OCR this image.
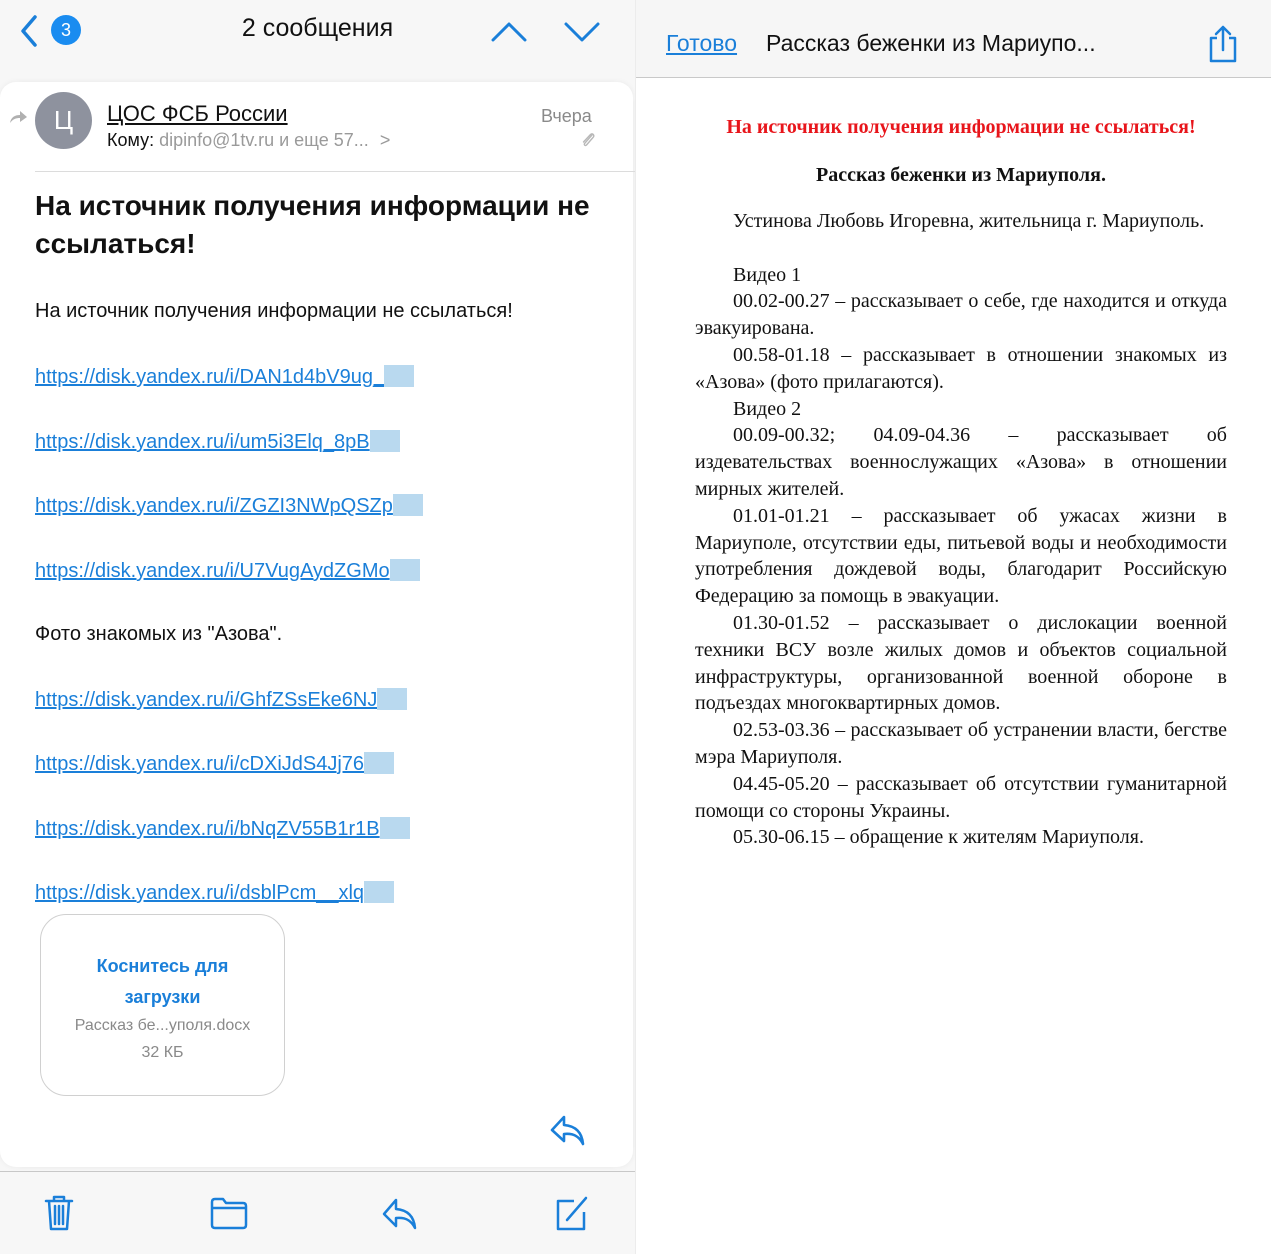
3	2 сообщения
Ц	ЦОС ФСБ России
Кому: dipinfo@1tv.ru и еще 57... >
Вчера
На источник получения информации не ссылаться!
На источник получения информации не ссылаться!
https://disk.yandex.ru/i/DAN1d4bV9ug_
https://disk.yandex.ru/i/um5i3Elq_8pB
https://disk.yandex.ru/i/ZGZI3NWpQSZp
https://disk.yandex.ru/i/U7VugAydZGMo
Фото знакомых из "Азова".
https://disk.yandex.ru/i/GhfZSsEke6NJ
https://disk.yandex.ru/i/cDXiJdS4Jj76
https://disk.yandex.ru/i/bNqZV55B1r1B
https://disk.yandex.ru/i/dsblPcm__xlq
Коснитесь для загрузки
Рассказ бе...уполя.docx
32 КБ
Готово Рассказ беженки из Мариупо...
На источник получения информации не ссылаться!
Рассказ беженки из Мариуполя.

Устинова Любовь Игоревна, жительница г. Мариуполь.

Видео 1

00.02-00.27 – рассказывает о себе, где находится и откуда эвакуирована.

00.58-01.18 – рассказывает в отношении знакомых из «Азова» (фото прилагаются).

Видео 2

00.09-00.32; 04.09-04.36 – рассказывает об издевательствах военнослужащих «Азова» в отношении мирных жителей.

01.01-01.21 – рассказывает об ужасах жизни в Мариуполе, отсутствии еды, питьевой воды и необходимости употребления дождевой воды, благодарит Российскую Федерацию за помощь в эвакуации.

01.30-01.52 – рассказывает о дислокации военной техники ВСУ возле жилых домов и объектов социальной инфраструктуры, организованной военной обороне в подъездах многоквартирных домов.

02.53-03.36 – рассказывает об устранении власти, бегстве мэра Мариуполя.

04.45-05.20 – рассказывает об отсутствии гуманитарной помощи со стороны Украины.

05.30-06.15 – обращение к жителям Мариуполя.
